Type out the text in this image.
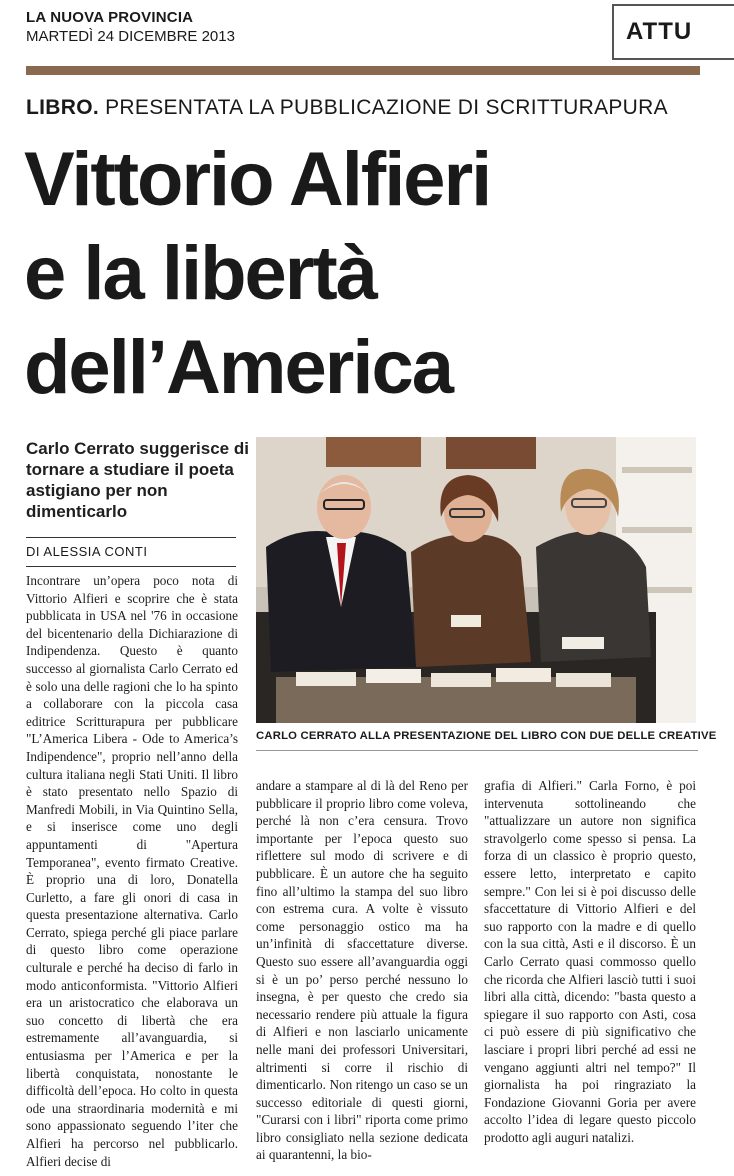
LA NUOVA PROVINCIA
MARTEDÌ 24 DICEMBRE 2013	ATTU
LIBRO. PRESENTATA LA PUBBLICAZIONE DI SCRITTURAPURA
Vittorio Alfieri
e la libertà
dell’America
Carlo Cerrato suggerisce di tornare a studiare il poeta astigiano per non dimenticarlo
DI ALESSIA CONTI

Incontrare un’opera poco nota di Vittorio Alfieri e scoprire che è stata pubblicata in USA nel '76 in occasione del bicentenario della Dichiarazione di Indipendenza. Questo è quanto successo al giornalista Carlo Cerrato ed è solo una delle ragioni che lo ha spinto a collaborare con la piccola casa editrice Scritturapura per pubblicare "L’America Libera - Ode to America’s Indipendence", proprio nell’anno della cultura italiana negli Stati Uniti. Il libro è stato presentato nello Spazio di Manfredi Mobili, in Via Quintino Sella, e si inserisce come uno degli appuntamenti di "Apertura Temporanea", evento firmato Creative. È proprio una di loro, Donatella Curletto, a fare gli onori di casa in questa presentazione alternativa. Carlo Cerrato, spiega perché gli piace parlare di questo libro come operazione culturale e perché ha deciso di farlo in modo anticonformista. "Vittorio Alfieri era un aristocratico che elaborava un suo concetto di libertà che era estremamente all’avanguardia, si entusiasma per l’America e per la libertà conquistata, nonostante le difficoltà dell’epoca. Ho colto in questa ode una straordinaria modernità e mi sono appassionato seguendo l’iter che Alfieri ha percorso nel pubblicarlo. Alfieri decise di

CARLO CERRATO ALLA PRESENTAZIONE DEL LIBRO CON DUE DELLE CREATIVE

andare a stampare al di là del Reno per pubblicare il proprio libro come voleva, perché là non c’era censura. Trovo importante per l’epoca questo suo riflettere sul modo di scrivere e di pubblicare. È un autore che ha seguito fino all’ultimo la stampa del suo libro con estrema cura. A volte è vissuto come personaggio ostico ma ha un’infinità di sfaccettature diverse. Questo suo essere all’avanguardia oggi si è un po’ perso perché nessuno lo insegna, è per questo che credo sia necessario rendere più attuale la figura di Alfieri e non lasciarlo unicamente nelle mani dei professori Universitari, altrimenti si corre il rischio di dimenticarlo. Non ritengo un caso se un successo editoriale di questi giorni, "Curarsi con i libri" riporta come primo libro consigliato nella sezione dedicata ai quarantenni, la bio-

grafia di Alfieri." Carla Forno, è poi intervenuta sottolineando che "attualizzare un autore non significa stravolgerlo come spesso si pensa. La forza di un classico è proprio questo, essere letto, interpretato e capito sempre." Con lei si è poi discusso delle sfaccettature di Vittorio Alfieri e del suo rapporto con la madre e di quello con la sua città, Asti e il discorso. È un Carlo Cerrato quasi commosso quello che ricorda che Alfieri lasciò tutti i suoi libri alla città, dicendo: "basta questo a spiegare il suo rapporto con Asti, cosa ci può essere di più significativo che lasciare i propri libri perché ad essi ne vengano aggiunti altri nel tempo?" Il giornalista ha poi ringraziato la Fondazione Giovanni Goria per avere accolto l’idea di legare questo piccolo prodotto agli auguri natalizi.
